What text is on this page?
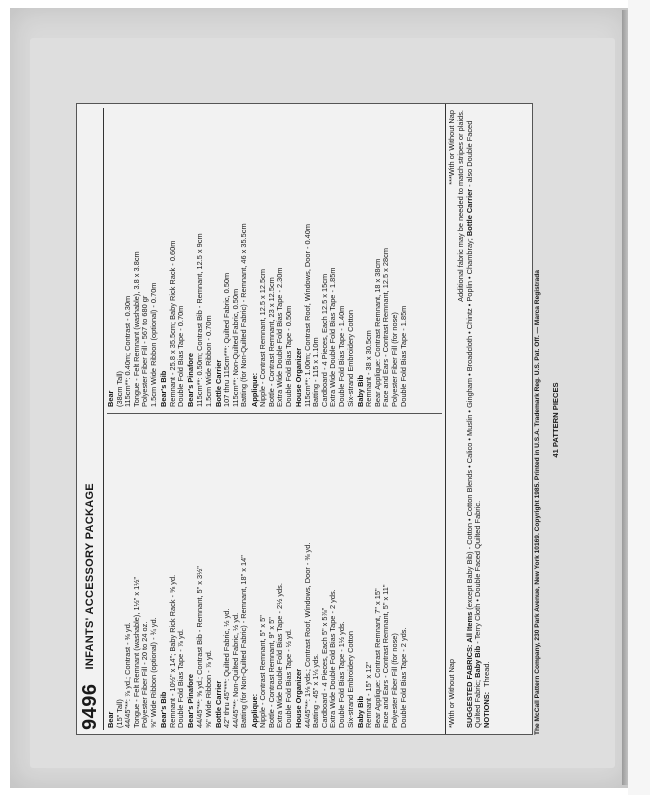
9496
INFANTS' ACCESSORY PACKAGE
Bear (15" Tall) 44/45"**: ⅞ yd.; Contrast - ⅜ yd. Tongue - Felt Remnant (washable), 1½" x 1½" Polyester Fiber Fill - 20 to 24 oz. ⅝" Wide Ribbon (optional) - ¾ yd. Bear's Bib Remnant - 10½" x 14"; Baby Rick Rack - ⅝ yd. Double Fold Bias Tape - ⅞ yd. Bear's Pinafore 44/45"**: ⅝ yd.; Contrast Bib - Remnant, 5" x 3½" ⅝" Wide Ribbon - ⅞ yd. Bottle Carrier 42" thru 45"***: Quilted Fabric, ½ yd. 44/45"**: Non-Quilted Fabric, ½ yd. Batting (for Non-Quilted Fabric) - Remnant, 18" x 14" Applique: Nipple - Contrast Remnant, 5" x 5" Bottle - Contrast Remnant, 9" x 5" Extra Wide Double Fold Bias Tape - 2½ yds. Double Fold Bias Tape - ½ yd. House Organizer 44/45"**: 1⅛ yds.; Contrast Roof, Windows, Door - ⅜ yd. Batting - 45" x 1¼ yds. Cardboard - 4 Pieces, Each 5" x 5⅞" Extra Wide Double Fold Bias Tape - 2 yds. Double Fold Bias Tape - 1½ yds. Six-strand Embroidery Cotton Baby Bib Remnant - 15" x 12" Bear Applique: Contrast Remnant, 7" x 15" Face and Ears - Contrast Remnant, 5" x 11" Polyester Fiber Fill (for nose) Double Fold Bias Tape - 2 yds.
Bear (38cm Tall) 115cm**: 0.40m; Contrast - 0.30m Tongue - Felt Remnant (washable), 3.8 x 3.8cm Polyester Fiber Fill - 567 to 680 gr 1.5cm Wide Ribbon (optional) - 0.70m Bear's Bib Remnant - 25.8 x 35.5cm; Baby Rick Rack - 0.60m Double Fold Bias Tape - 0.70m Bear's Pinafore 115cm**: 0.50m; Contrast Bib - Remnant, 12.5 x 9cm 1.5cm Wide Ribbon - 0.70m Bottle Carrier 107 thru 115cm***: Quilted Fabric, 0.50m 115cm**: Non-Quilted Fabric, 0.50m Batting (for Non-Quilted Fabric) - Remnant, 46 x 35.5cm Applique: Nipple - Contrast Remnant, 12.5 x 12.5cm Bottle - Contrast Remnant, 23 x 12.5cm Extra Wide Double Fold Bias Tape - 2.30m Double Fold Bias Tape - 0.50m House Organizer 115cm**: 1.00m; Contrast Roof, Windows, Door - 0.40m Batting - 115 x 1.10m Cardboard - 4 Pieces, Each 12.5 x 15cm Extra Wide Double Fold Bias Tape - 1.85m Double Fold Bias Tape - 1.40m Six-strand Embroidery Cotton Baby Bib Remnant - 38 x 30.5cm Bear Applique: Contrast Remnant, 18 x 38cm Face and Ears - Contrast Remnant, 12.5 x 28cm Polyester Fiber Fill (for nose) Double Fold Bias Tape - 1.85m
*With or Without Nap
***With or Without Nap Additional fabric may be needed to match stripes or plaids.
SUGGESTED FABRICS: All Items (except Baby Bib) - Cotton • Cotton Blends • Calico • Muslin • Gingham • Broadcloth • Chintz • Poplin • Chambray; Bottle Carrier - also Double Faced Quilted Fabric; Baby Bib - Terry Cloth • Double Faced Quilted Fabric.
NOTIONS: Thread.	The McCall Pattern Company, 230 Park Avenue, New York 10169. Copyright 1985. Printed in U.S.A. Trademark Reg. U.S. Pat. Off. — Marca Registrada	41 PATTERN PIECES
